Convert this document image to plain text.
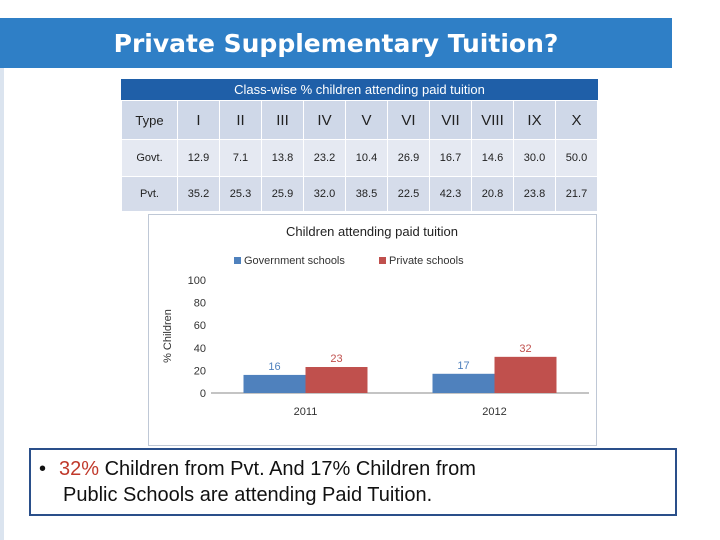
Private Supplementary Tuition?
Class-wise % children attending paid tuition
Type	I	II	III	IV	V	VI	VII	VIII	IX	X
Govt.	12.9	7.1	13.8	23.2	10.4	26.9	16.7	14.6	30.0	50.0
Pvt.	35.2	25.3	25.9	32.0	38.5	22.5	42.3	20.8	23.8	21.7
Children attending paid tuition
Government schools	Private schools
% Children
0
20
40
60
80
100
16
23
2011
17
32
2012
• 32% Children from Pvt. And 17% Children from
Public Schools are attending Paid Tuition.
